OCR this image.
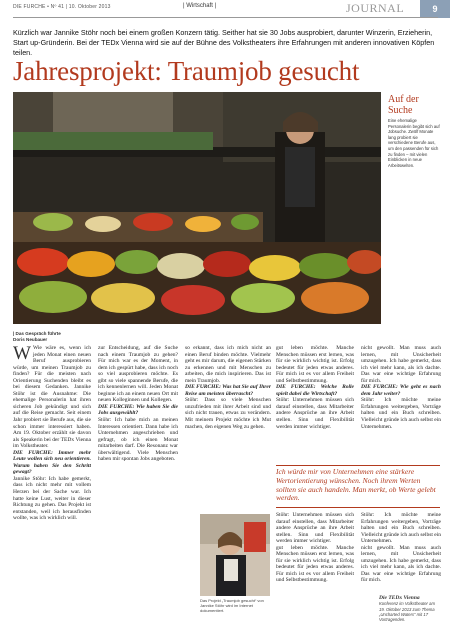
DIE FURCHE • Nº 41 | 10. Oktober 2013	| Wirtschaft |	JOURNAL	9
Kürzlich war Jannike Stöhr noch bei einem großen Konzern tätig. Seither hat sie 30 Jobs ausprobiert, darunter Winzerin, Erzieherin, Start up-Gründerin. Bei der TEDx Vienna wird sie auf der Bühne des Volkstheaters ihre Erfahrungen mit anderen innovativen Köpfen teilen.
Jahresprojekt: Traumjob gesucht
Auf der Suche
Eine ehemalige Personalerin begibt sich auf Jobsuche. Zwölf Monate lang probiert sie verschiedene Berufe aus, um den passenden für sich zu finden – mit vielen Einblicken in neue Arbeitswelten.
| Das Gespräch führte
Doris Neubauer

W Wie wäre es, wenn ich jeden Monat einen neuen Beruf ausprobieren würde, um meinen Traumjob zu finden? Für die meisten nach Orientierung Suchenden bleibt es bei diesem Gedanken. Jannike Stöhr ist die Ausnahme: Die ehemalige Personalerin hat ihren sicheren Job gekündigt und sich auf die Reise gemacht. Seit einem Jahr probiert sie Berufe aus, die sie schon immer interessiert haben. Am 19. Oktober erzählt sie davon als Speakerin bei der TEDx Vienna im Volkstheater.

DIE FURCHE: Immer mehr Leute wollen sich neu orientieren. Warum haben Sie den Schritt gewagt?

Jannike Stöhr: Ich habe gemerkt, dass ich nicht mehr mit vollem Herzen bei der Sache war. Ich hatte keine Lust, weiter in dieser Richtung zu gehen. Das Projekt ist entstanden, weil ich herausfinden wollte, was ich wirklich will.

zur Entscheidung, auf die Suche nach einem Traumjob zu gehen? Für mich war es der Moment, in dem ich gespürt habe, dass ich noch so viel ausprobieren möchte. Es gibt so viele spannende Berufe, die ich kennenlernen will. Jeden Monat beginne ich an einem neuen Ort mit neuen Kolleginnen und Kollegen.

DIE FURCHE: Wie haben Sie die Jobs ausgewählt?

Stöhr: Ich habe mich an meinen Interessen orientiert. Dann habe ich Unternehmen angeschrieben und gefragt, ob ich einen Monat mitarbeiten darf. Die Resonanz war überwältigend. Viele Menschen haben mir spontan Jobs angeboten.

so erkannt, dass ich mich nicht an einen Beruf binden möchte. Vielmehr geht es mir darum, die eigenen Stärken zu erkennen und mit Menschen zu arbeiten, die mich inspirieren. Das ist mein Traumjob.

DIE FURCHE: Was hat Sie auf Ihrer Reise am meisten überrascht?

Stöhr: Dass so viele Menschen unzufrieden mit ihrer Arbeit sind und sich nicht trauen, etwas zu verändern. Mit meinem Projekt möchte ich Mut machen, den eigenen Weg zu gehen.

gut leben möchte. Manche Menschen müssen erst lernen, was für sie wirklich wichtig ist. Erfolg bedeutet für jeden etwas anderes. Für mich ist es vor allem Freiheit und Selbstbestimmung.

DIE FURCHE: Welche Rolle spielt dabei die Wirtschaft?

Stöhr: Unternehmen müssen sich darauf einstellen, dass Mitarbeiter andere Ansprüche an ihre Arbeit stellen. Sinn und Flexibilität werden immer wichtiger.

nicht gewollt. Man muss auch lernen, mit Unsicherheit umzugehen. Ich habe gemerkt, dass ich viel mehr kann, als ich dachte. Das war eine wichtige Erfahrung für mich.

DIE FURCHE: Wie geht es nach dem Jahr weiter?

Stöhr: Ich möchte meine Erfahrungen weitergeben, Vorträge halten und ein Buch schreiben. Vielleicht gründe ich auch selbst ein Unternehmen.

Ich würde mir von Unternehmen eine stärkere Wertorientierung wünschen. Noch ihrem Werten sollten sie auch handeln. Man merkt, ob Werte gelebt werden.

Stöhr: Unternehmen müssen sich darauf einstellen, dass Mitarbeiter andere Ansprüche an ihre Arbeit stellen. Sinn und Flexibilität werden immer wichtiger.

gut leben möchte. Manche Menschen müssen erst lernen, was für sie wirklich wichtig ist. Erfolg bedeutet für jeden etwas anderes. Für mich ist es vor allem Freiheit und Selbstbestimmung.

Stöhr: Ich möchte meine Erfahrungen weitergeben, Vorträge halten und ein Buch schreiben. Vielleicht gründe ich auch selbst ein Unternehmen.

nicht gewollt. Man muss auch lernen, mit Unsicherheit umzugehen. Ich habe gemerkt, dass ich viel mehr kann, als ich dachte. Das war eine wichtige Erfahrung für mich.

Das Projekt „Traumjob gesucht“ von Jannike Stöhr wird im Internet dokumentiert.
Die TEDx Vienna
Konferenz im Volkstheater am 19. Oktober 2013 zum Thema „Uncharted Waters“ mit 17 Vortragenden.
